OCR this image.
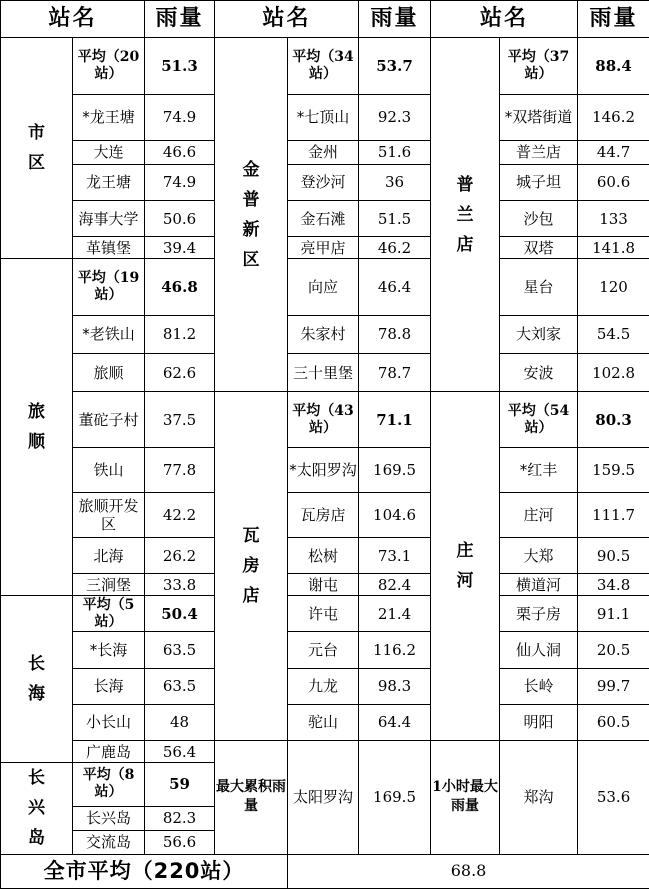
站名		雨量	站名		雨量	站名		雨量
市区	平均（20站）	51.3	金普新区	平均（34站）	53.7	普兰店	平均（37站）	88.4
	*龙王塘	74.9		*七顶山	92.3		*双塔街道	146.2
	大连	46.6		金州	51.6		普兰店	44.7
	龙王塘	74.9		登沙河	36		城子坦	60.6
	海事大学	50.6		金石滩	51.5		沙包	133
	革镇堡	39.4		亮甲店	46.2		双塔	141.8
旅顺	平均（19站）	46.8		向应	46.4		星台	120
	*老铁山	81.2		朱家村	78.8		大刘家	54.5
	旅顺	62.6		三十里堡	78.7		安波	102.8
	董砣子村	37.5	瓦房店	平均（43站）	71.1	庄河	平均（54站）	80.3
	铁山	77.8		*太阳罗沟	169.5		*红丰	159.5
	旅顺开发区	42.2		瓦房店	104.6		庄河	111.7
	北海	26.2		松树	73.1		大郑	90.5
	三涧堡	33.8		谢屯	82.4		横道河	34.8
长海	平均（5站）	50.4		许屯	21.4		栗子房	91.1
	*长海	63.5		元台	116.2		仙人洞	20.5
	长海	63.5		九龙	98.3		长岭	99.7
	小长山	48		驼山	64.4		明阳	60.5
	广鹿岛	56.4	最大累积雨量	太阳罗沟	169.5	1小时最大雨量	郑沟	53.6
长兴岛	平均（8站）	59						
	长兴岛	82.3						
	交流岛	56.6						
全市平均（220站）				68.8				
